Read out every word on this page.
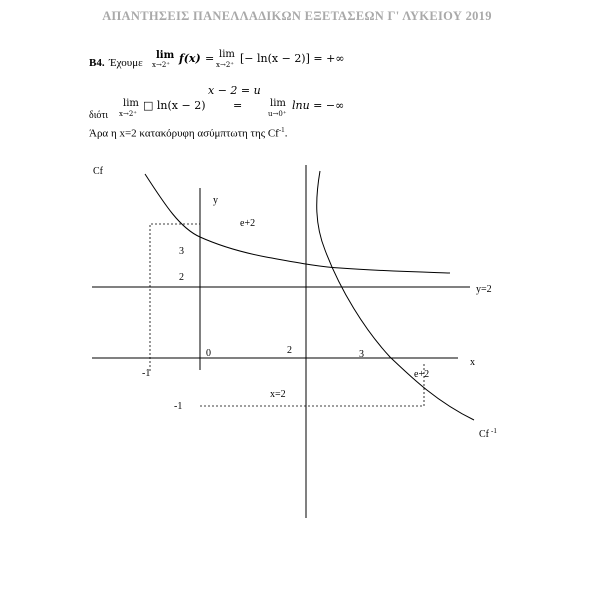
ΑΠΑΝΤΗΣΕΙΣ ΠΑΝΕΛΛΑΔΙΚΩΝ ΕΞΕΤΑΣΕΩΝ Γ' ΛΥΚΕΙΟΥ 2019
B4. Έχουμε
lim
x→2⁺ f(x) = lim
x→2⁺ [− ln(x − 2)] = +∞
x − 2 = u
διότι
lim
x→2⁺
□ ln(x − 2)	=	lim
u→0⁺
lnu = −∞
Άρα η x=2 κατακόρυφη ασύμπτωτη της $Cf^{-1}$.
Cf
y
e+2
3
2
y=2
0	2	3
x
-1	e+2
-1
x=2
Cf $^{-1}$
